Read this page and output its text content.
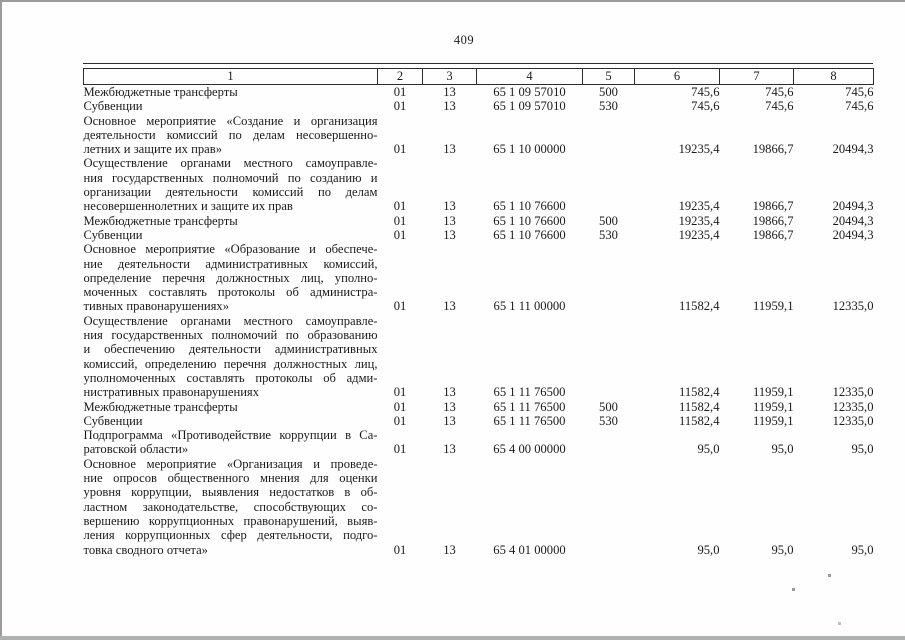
409
1	2	3	4	5	6	7	8

Межбюджетные трансферты	01	13	65 1 09 57010	500	745,6	745,6	745,6

Субвенции	01	13	65 1 09 57010	530	745,6	745,6	745,6

Основное мероприятие «Создание и организация
деятельности комиссий по делам несовершенно-
летних и защите их прав»	01	13	65 1 10 00000		19235,4	19866,7	20494,3

Осуществление органами местного самоуправле-
ния государственных полномочий по созданию и
организации деятельности комиссий по делам
несовершеннолетних и защите их прав	01	13	65 1 10 76600		19235,4	19866,7	20494,3

Межбюджетные трансферты	01	13	65 1 10 76600	500	19235,4	19866,7	20494,3

Субвенции	01	13	65 1 10 76600	530	19235,4	19866,7	20494,3

Основное мероприятие «Образование и обеспече-
ние деятельности административных комиссий,
определение перечня должностных лиц, уполно-
моченных составлять протоколы об администра-
тивных правонарушениях»	01	13	65 1 11 00000		11582,4	11959,1	12335,0

Осуществление органами местного самоуправле-
ния государственных полномочий по образованию
и обеспечению деятельности административных
комиссий, определению перечня должностных лиц,
уполномоченных составлять протоколы об адми-
нистративных правонарушениях	01	13	65 1 11 76500		11582,4	11959,1	12335,0

Межбюджетные трансферты	01	13	65 1 11 76500	500	11582,4	11959,1	12335,0

Субвенции	01	13	65 1 11 76500	530	11582,4	11959,1	12335,0

Подпрограмма «Противодействие коррупции в Са-
ратовской области»	01	13	65 4 00 00000		95,0	95,0	95,0

Основное мероприятие «Организация и проведе-
ние опросов общественного мнения для оценки
уровня коррупции, выявления недостатков в об-
ластном законодательстве, способствующих со-
вершению коррупционных правонарушений, выяв-
ления коррупционных сфер деятельности, подго-
товка сводного отчета»	01	13	65 4 01 00000		95,0	95,0	95,0
